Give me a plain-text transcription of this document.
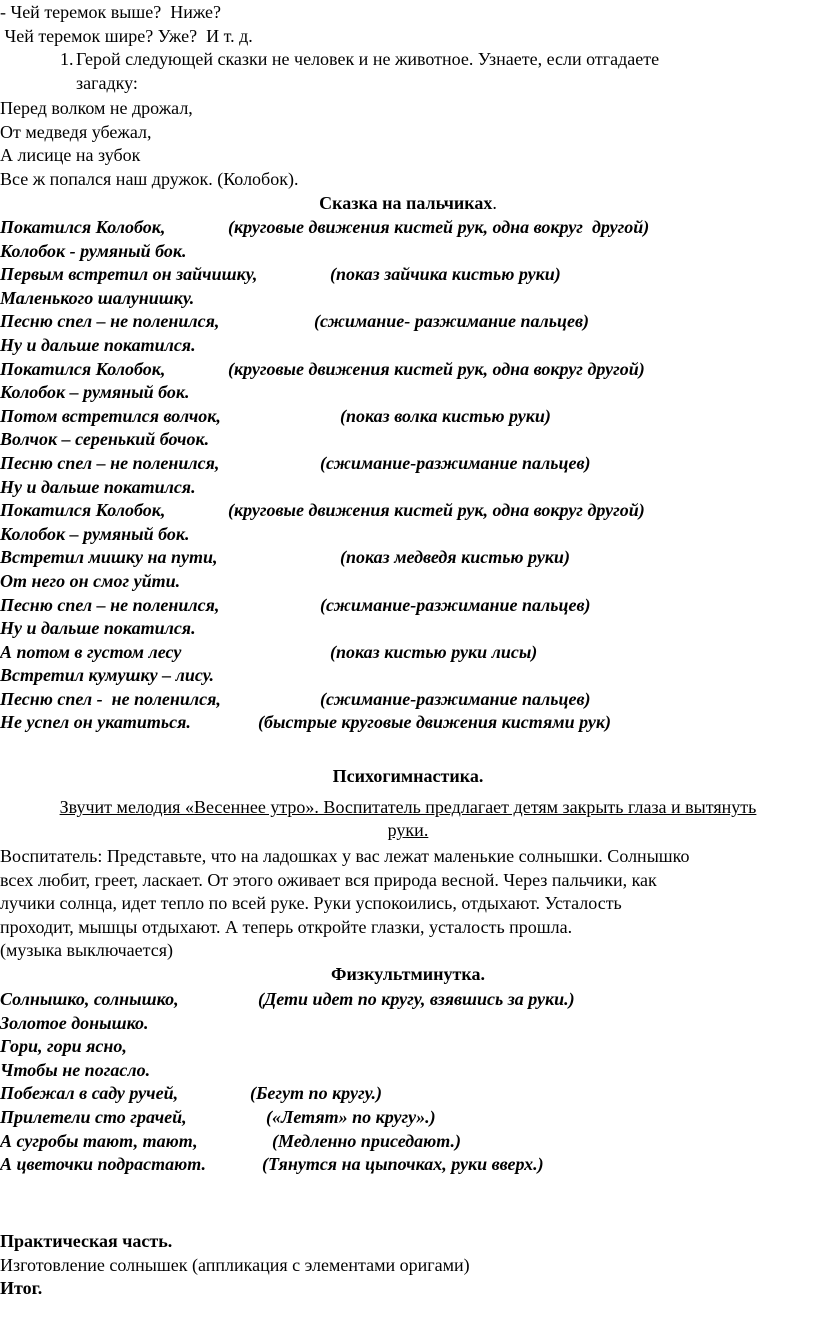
- Чей теремок выше?  Ниже?
Чей теремок шире? Уже?  И т. д.
1. Герой следующей сказки не человек и не животное. Узнаете, если отгадаете
загадку:
Перед волком не дрожал,
От медведя убежал,
А лисице на зубок
Все ж попался наш дружок. (Колобок).
Сказка на пальчиках.
Покатился Колобок,	(круговые движения кистей рук, одна вокруг  другой)
Колобок - румяный бок.
Первым встретил он зайчишку,	(показ зайчика кистью руки)
Маленького шалунишку.
Песню спел – не поленился,	(сжимание- разжимание пальцев)
Ну и дальше покатился.
Покатился Колобок,	(круговые движения кистей рук, одна вокруг другой)
Колобок – румяный бок.
Потом встретился волчок,	(показ волка кистью руки)
Волчок – серенький бочок.
Песню спел – не поленился,	(сжимание-разжимание пальцев)
Ну и дальше покатился.
Покатился Колобок,	(круговые движения кистей рук, одна вокруг другой)
Колобок – румяный бок.
Встретил мишку на пути,	(показ медведя кистью руки)
От него он смог уйти.
Песню спел – не поленился,	(сжимание-разжимание пальцев)
Ну и дальше покатился.
А потом в густом лесу	(показ кистью руки лисы)
Встретил кумушку – лису.
Песню спел -  не поленился,	(сжимание-разжимание пальцев)
Не успел он укатиться.	(быстрые круговые движения кистями рук)
Психогимнастика.
Звучит мелодия «Весеннее утро». Воспитатель предлагает детям закрыть глаза и вытянуть
руки.
Воспитатель: Представьте, что на ладошках у вас лежат маленькие солнышки. Солнышко
всех любит, греет, ласкает. От этого оживает вся природа весной. Через пальчики, как
лучики солнца, идет тепло по всей руке. Руки успокоились, отдыхают. Усталость
проходит, мышцы отдыхают. А теперь откройте глазки, усталость прошла.
(музыка выключается)
Физкультминутка.
Солнышко, солнышко,	(Дети идет по кругу, взявшись за руки.)
Золотое донышко.
Гори, гори ясно,
Чтобы не погасло.
Побежал в саду ручей,	(Бегут по кругу.)
Прилетели сто грачей,	(«Летят» по кругу».)
А сугробы тают, тают,	(Медленно приседают.)
А цветочки подрастают.	(Тянутся на цыпочках, руки вверх.)
Практическая часть.
Изготовление солнышек (аппликация с элементами оригами)
Итог.
